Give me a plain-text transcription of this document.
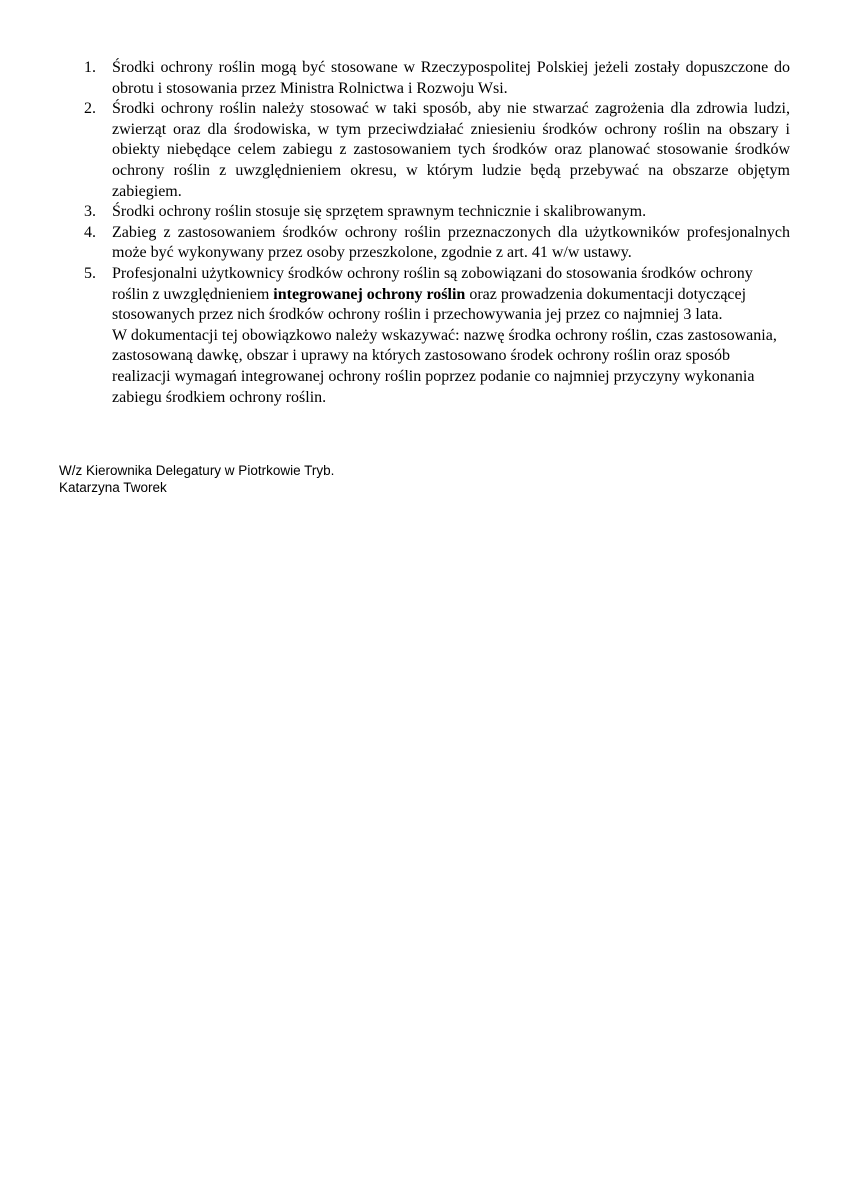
1. Środki ochrony roślin mogą być stosowane w Rzeczypospolitej Polskiej jeżeli zostały dopuszczone do obrotu i stosowania przez Ministra Rolnictwa i Rozwoju Wsi.
2. Środki ochrony roślin należy stosować w taki sposób, aby nie stwarzać zagrożenia dla zdrowia ludzi, zwierząt oraz dla środowiska, w tym przeciwdziałać zniesieniu środków ochrony roślin na obszary i obiekty niebędące celem zabiegu z zastosowaniem tych środków oraz planować stosowanie środków ochrony roślin z uwzględnieniem okresu, w którym ludzie będą przebywać na obszarze objętym zabiegiem.
3. Środki ochrony roślin stosuje się sprzętem sprawnym technicznie i skalibrowanym.
4. Zabieg z zastosowaniem środków ochrony roślin przeznaczonych dla użytkowników profesjonalnych może być wykonywany przez osoby przeszkolone, zgodnie z art. 41 w/w ustawy.
5. Profesjonalni użytkownicy środków ochrony roślin są zobowiązani do stosowania środków ochrony roślin z uwzględnieniem integrowanej ochrony roślin oraz prowadzenia dokumentacji dotyczącej stosowanych przez nich środków ochrony roślin i przechowywania jej przez co najmniej 3 lata.
W dokumentacji tej obowiązkowo należy wskazywać: nazwę środka ochrony roślin, czas zastosowania, zastosowaną dawkę, obszar i uprawy na których zastosowano środek ochrony roślin oraz sposób realizacji wymagań integrowanej ochrony roślin poprzez podanie co najmniej przyczyny wykonania zabiegu środkiem ochrony roślin.
W/z Kierownika Delegatury w Piotrkowie Tryb.
Katarzyna Tworek
